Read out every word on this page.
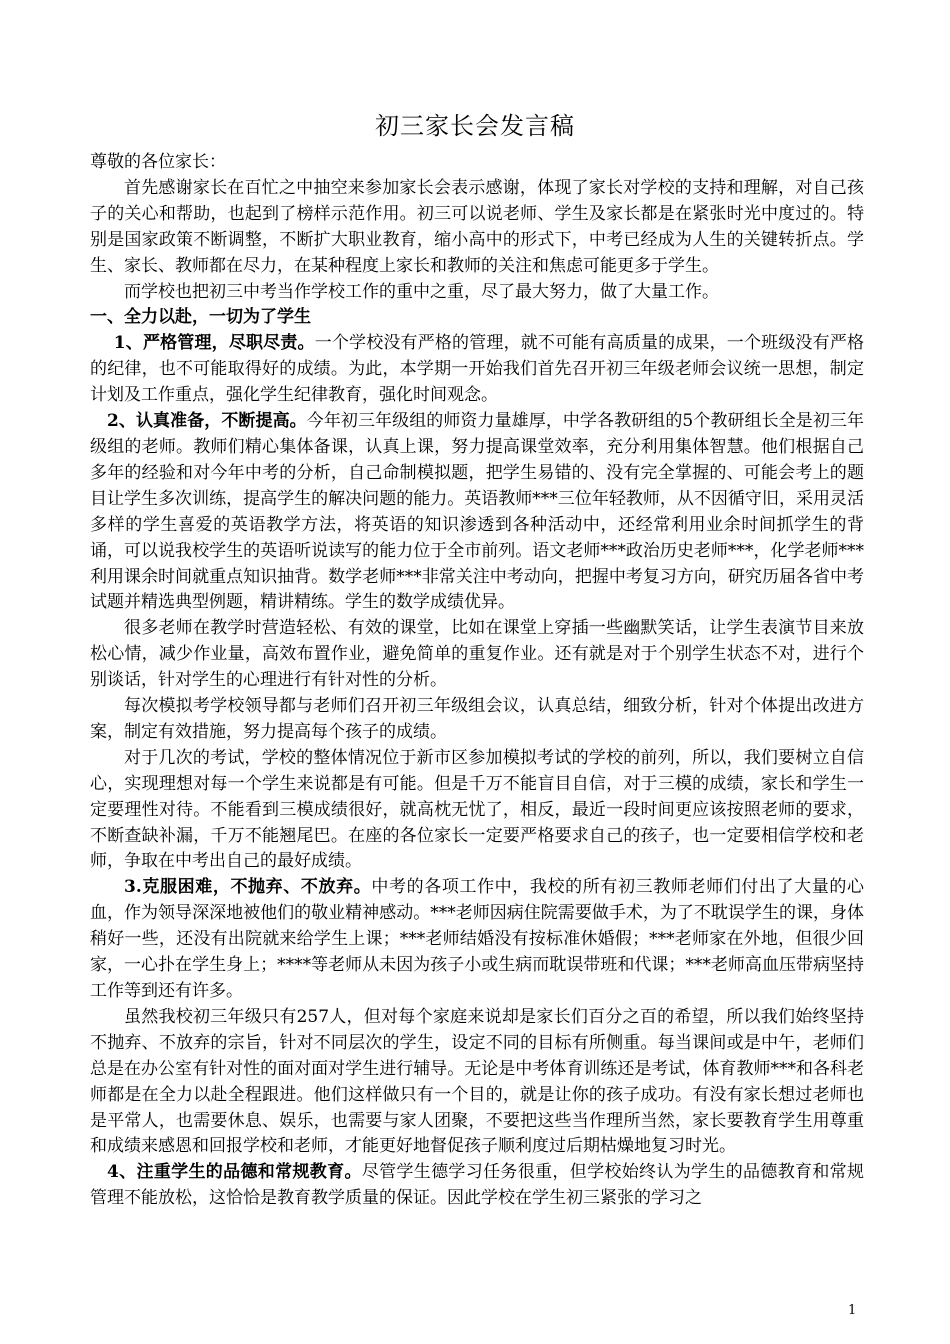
初三家长会发言稿

尊敬的各位家长：

首先感谢家长在百忙之中抽空来参加家长会表示感谢，体现了家长对学校的支持和理解，对自己孩子的关心和帮助，也起到了榜样示范作用。初三可以说老师、学生及家长都是在紧张时光中度过的。特别是国家政策不断调整，不断扩大职业教育，缩小高中的形式下，中考已经成为人生的关键转折点。学生、家长、教师都在尽力，在某种程度上家长和教师的关注和焦虑可能更多于学生。

而学校也把初三中考当作学校工作的重中之重，尽了最大努力，做了大量工作。

一、全力以赴，一切为了学生

1、严格管理，尽职尽责。一个学校没有严格的管理，就不可能有高质量的成果，一个班级没有严格的纪律，也不可能取得好的成绩。为此，本学期一开始我们首先召开初三年级老师会议统一思想，制定计划及工作重点，强化学生纪律教育，强化时间观念。

2、认真准备，不断提高。今年初三年级组的师资力量雄厚，中学各教研组的5个教研组长全是初三年级组的老师。教师们精心集体备课，认真上课，努力提高课堂效率，充分利用集体智慧。他们根据自己多年的经验和对今年中考的分析，自己命制模拟题，把学生易错的、没有完全掌握的、可能会考上的题目让学生多次训练，提高学生的解决问题的能力。英语教师***三位年轻教师，从不因循守旧，采用灵活多样的学生喜爱的英语教学方法，将英语的知识渗透到各种活动中，还经常利用业余时间抓学生的背诵，可以说我校学生的英语听说读写的能力位于全市前列。语文老师***政治历史老师***，化学老师***利用课余时间就重点知识抽背。数学老师***非常关注中考动向，把握中考复习方向，研究历届各省中考试题并精选典型例题，精讲精练。学生的数学成绩优异。

很多老师在教学时营造轻松、有效的课堂，比如在课堂上穿插一些幽默笑话，让学生表演节目来放松心情，减少作业量，高效布置作业，避免简单的重复作业。还有就是对于个别学生状态不对，进行个别谈话，针对学生的心理进行有针对性的分析。

每次模拟考学校领导都与老师们召开初三年级组会议，认真总结，细致分析，针对个体提出改进方案，制定有效措施，努力提高每个孩子的成绩。

对于几次的考试，学校的整体情况位于新市区参加模拟考试的学校的前列，所以，我们要树立自信心，实现理想对每一个学生来说都是有可能。但是千万不能盲目自信，对于三模的成绩，家长和学生一定要理性对待。不能看到三模成绩很好，就高枕无忧了，相反，最近一段时间更应该按照老师的要求，不断查缺补漏，千万不能翘尾巴。在座的各位家长一定要严格要求自己的孩子，也一定要相信学校和老师，争取在中考出自己的最好成绩。

3.克服困难，不抛弃、不放弃。中考的各项工作中，我校的所有初三教师老师们付出了大量的心血，作为领导深深地被他们的敬业精神感动。***老师因病住院需要做手术，为了不耽误学生的课，身体稍好一些，还没有出院就来给学生上课；***老师结婚没有按标准休婚假；***老师家在外地，但很少回家，一心扑在学生身上；****等老师从未因为孩子小或生病而耽误带班和代课；***老师高血压带病坚持工作等到还有许多。

虽然我校初三年级只有257人，但对每个家庭来说却是家长们百分之百的希望，所以我们始终坚持不抛弃、不放弃的宗旨，针对不同层次的学生，设定不同的目标有所侧重。每当课间或是中午，老师们总是在办公室有针对性的面对面对学生进行辅导。无论是中考体育训练还是考试，体育教师***和各科老师都是在全力以赴全程跟进。他们这样做只有一个目的，就是让你的孩子成功。有没有家长想过老师也是平常人，也需要休息、娱乐，也需要与家人团聚，不要把这些当作理所当然，家长要教育学生用尊重和成绩来感恩和回报学校和老师，才能更好地督促孩子顺利度过后期枯燥地复习时光。

4、注重学生的品德和常规教育。尽管学生德学习任务很重，但学校始终认为学生的品德教育和常规管理不能放松，这恰恰是教育教学质量的保证。因此学校在学生初三紧张的学习之

1
